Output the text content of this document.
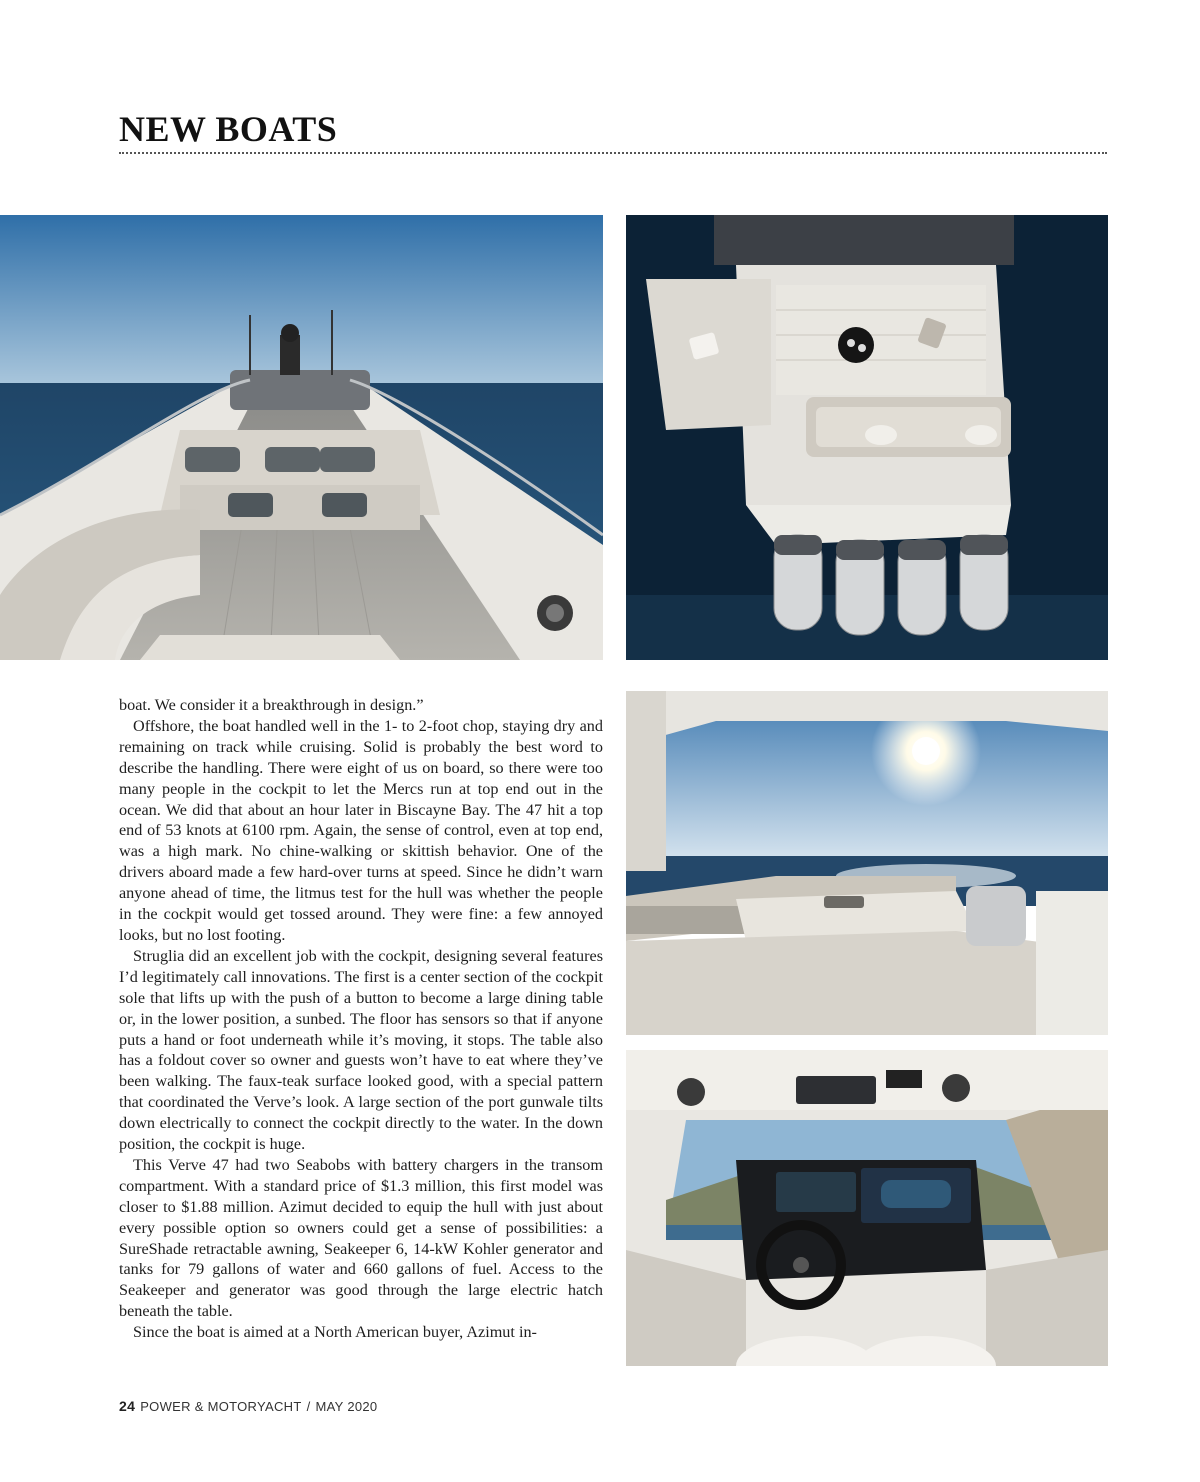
NEW BOATS

boat. We consider it a breakthrough in design.”

Offshore, the boat handled well in the 1- to 2-foot chop, staying dry and remaining on track while cruising. Solid is probably the best word to describe the handling. There were eight of us on board, so there were too many people in the cockpit to let the Mercs run at top end out in the ocean. We did that about an hour later in Biscayne Bay. The 47 hit a top end of 53 knots at 6100 rpm. Again, the sense of control, even at top end, was a high mark. No chine-walking or skittish behavior. One of the drivers aboard made a few hard-over turns at speed. Since he didn’t warn anyone ahead of time, the litmus test for the hull was whether the people in the cockpit would get tossed around. They were fine: a few annoyed looks, but no lost footing.

Struglia did an excellent job with the cockpit, designing several features I’d legitimately call innovations. The first is a center section of the cockpit sole that lifts up with the push of a button to become a large dining table or, in the lower position, a sunbed. The floor has sensors so that if anyone puts a hand or foot underneath while it’s moving, it stops. The table also has a foldout cover so owner and guests won’t have to eat where they’ve been walking. The faux-teak surface looked good, with a special pattern that coordinated the Verve’s look. A large section of the port gunwale tilts down electrically to connect the cockpit directly to the water. In the down position, the cockpit is huge.

This Verve 47 had two Seabobs with battery chargers in the transom compartment. With a standard price of $1.3 million, this first model was closer to $1.88 million. Azimut decided to equip the hull with just about every possible option so owners could get a sense of possibilities: a SureShade retractable awning, Seakeeper 6, 14-kW Kohler generator and tanks for 79 gallons of water and 660 gallons of fuel. Access to the Seakeeper and generator was good through the large electric hatch beneath the table.

Since the boat is aimed at a North American buyer, Azimut in-

24 POWER & MOTORYACHT / MAY 2020
